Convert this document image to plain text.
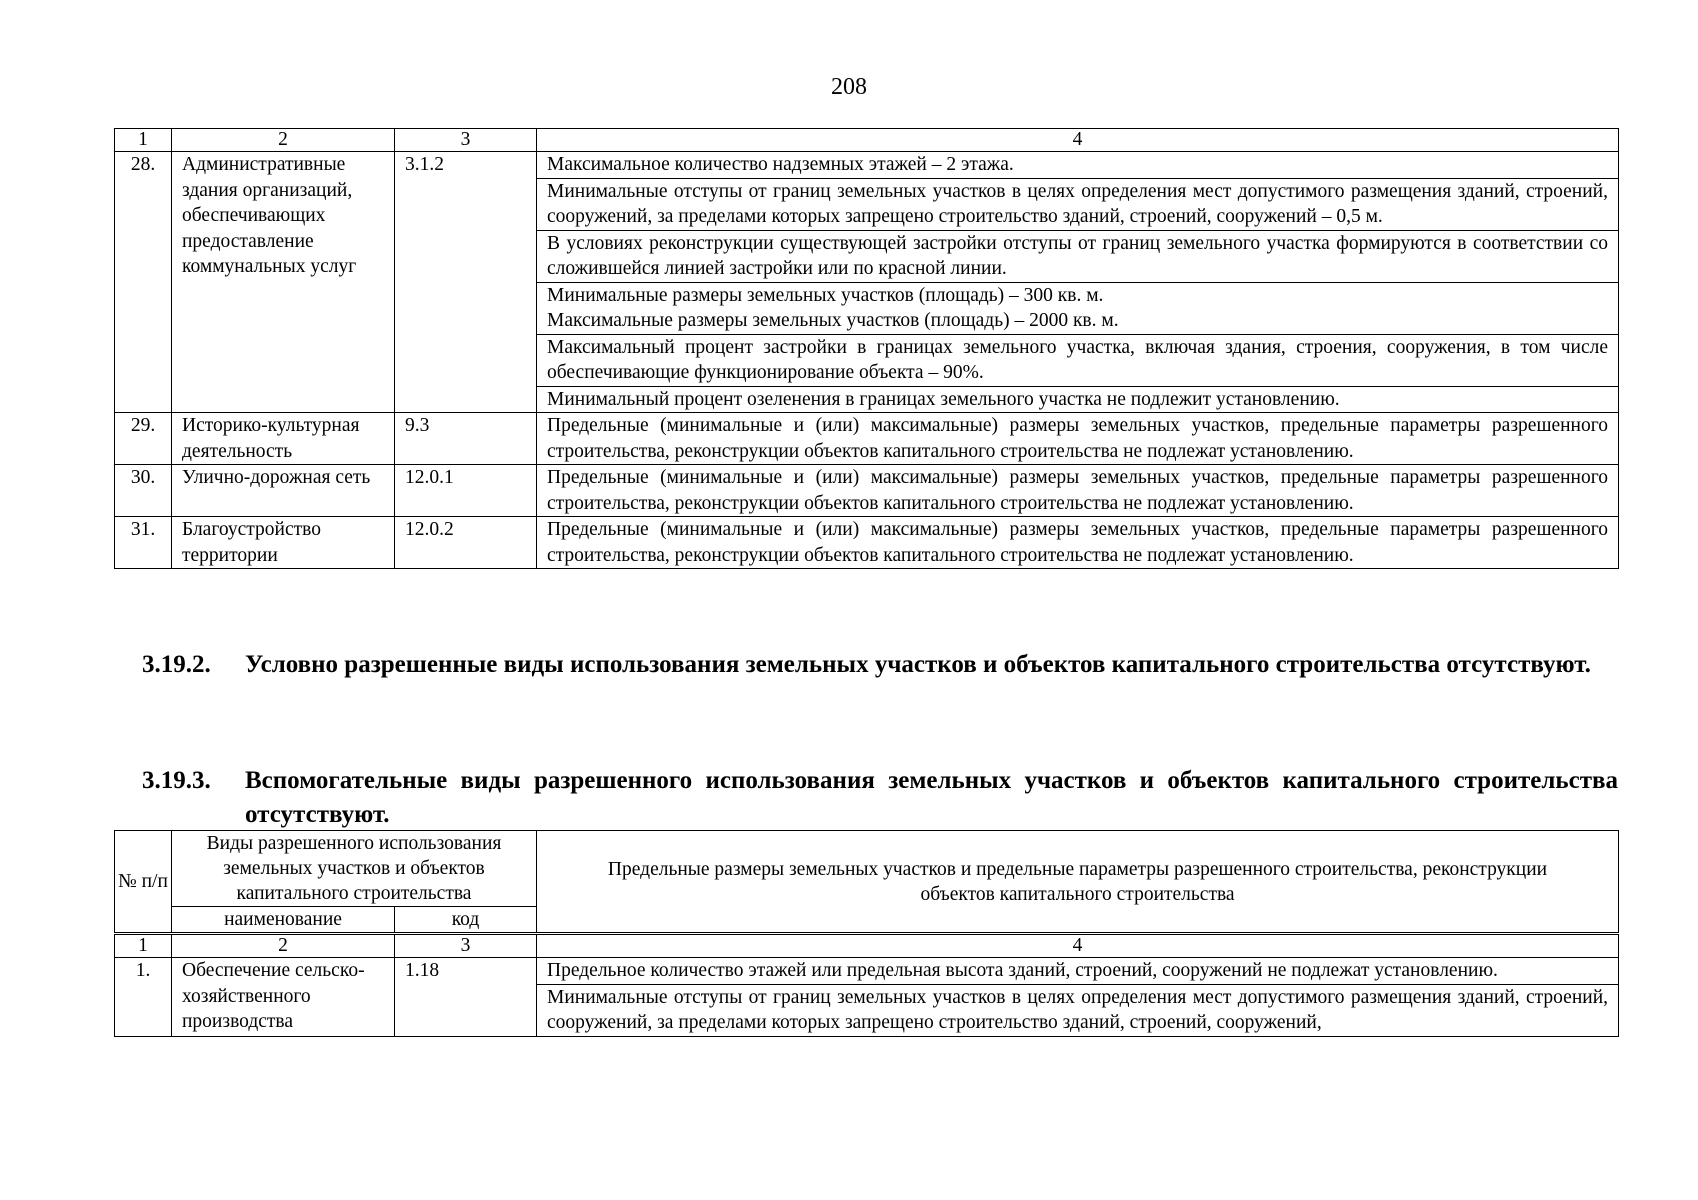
208
1	2	3	4
28.	Административные здания организаций, обеспечивающих предоставление коммунальных услуг	3.1.2	Максимальное количество надземных этажей – 2 этажа.
			Минимальные отступы от границ земельных участков в целях определения мест допустимого размещения зданий, строений, сооружений, за пределами которых запрещено строительство зданий, строений, сооружений – 0,5 м.
			В условиях реконструкции существующей застройки отступы от границ земельного участка формируются в соответствии со сложившейся линией застройки или по красной линии.

			Минимальные размеры земельных участков (площадь) – 300 кв. м.
Максимальные размеры земельных участков (площадь) – 2000 кв. м.

			Максимальный процент застройки в границах земельного участка, включая здания, строения, сооружения, в том числе обеспечивающие функционирование объекта – 90%.
			Минимальный процент озеленения в границах земельного участка не подлежит установлению.
29.	Историко-культурная деятельность	9.3	Предельные (минимальные и (или) максимальные) размеры земельных участков, предельные параметры разрешенного строительства, реконструкции объектов капитального строительства не подлежат установлению.
30.	Улично-дорожная сеть	12.0.1	Предельные (минимальные и (или) максимальные) размеры земельных участков, предельные параметры разрешенного строительства, реконструкции объектов капитального строительства не подлежат установлению.
31.	Благоустройство территории	12.0.2	Предельные (минимальные и (или) максимальные) размеры земельных участков, предельные параметры разрешенного строительства, реконструкции объектов капитального строительства не подлежат установлению.
3.19.2. Условно разрешенные виды использования земельных участков и объектов капитального строительства отсутствуют.
3.19.3. Вспомогательные виды разрешенного использования земельных участков и объектов капитального строительства отсутствуют.
№ п/п	Виды разрешенного использования земельных участков и объектов капитального строительства		Предельные размеры земельных участков и предельные параметры разрешенного строительства, реконструкции объектов капитального строительства
	наименование	код	
1	2	3	4
1.	Обеспечение сельско-хозяйственного производства	1.18	Предельное количество этажей или предельная высота зданий, строений, сооружений не подлежат установлению.
			Минимальные отступы от границ земельных участков в целях определения мест допустимого размещения зданий, строений, сооружений, за пределами которых запрещено строительство зданий, строений, сооружений,
